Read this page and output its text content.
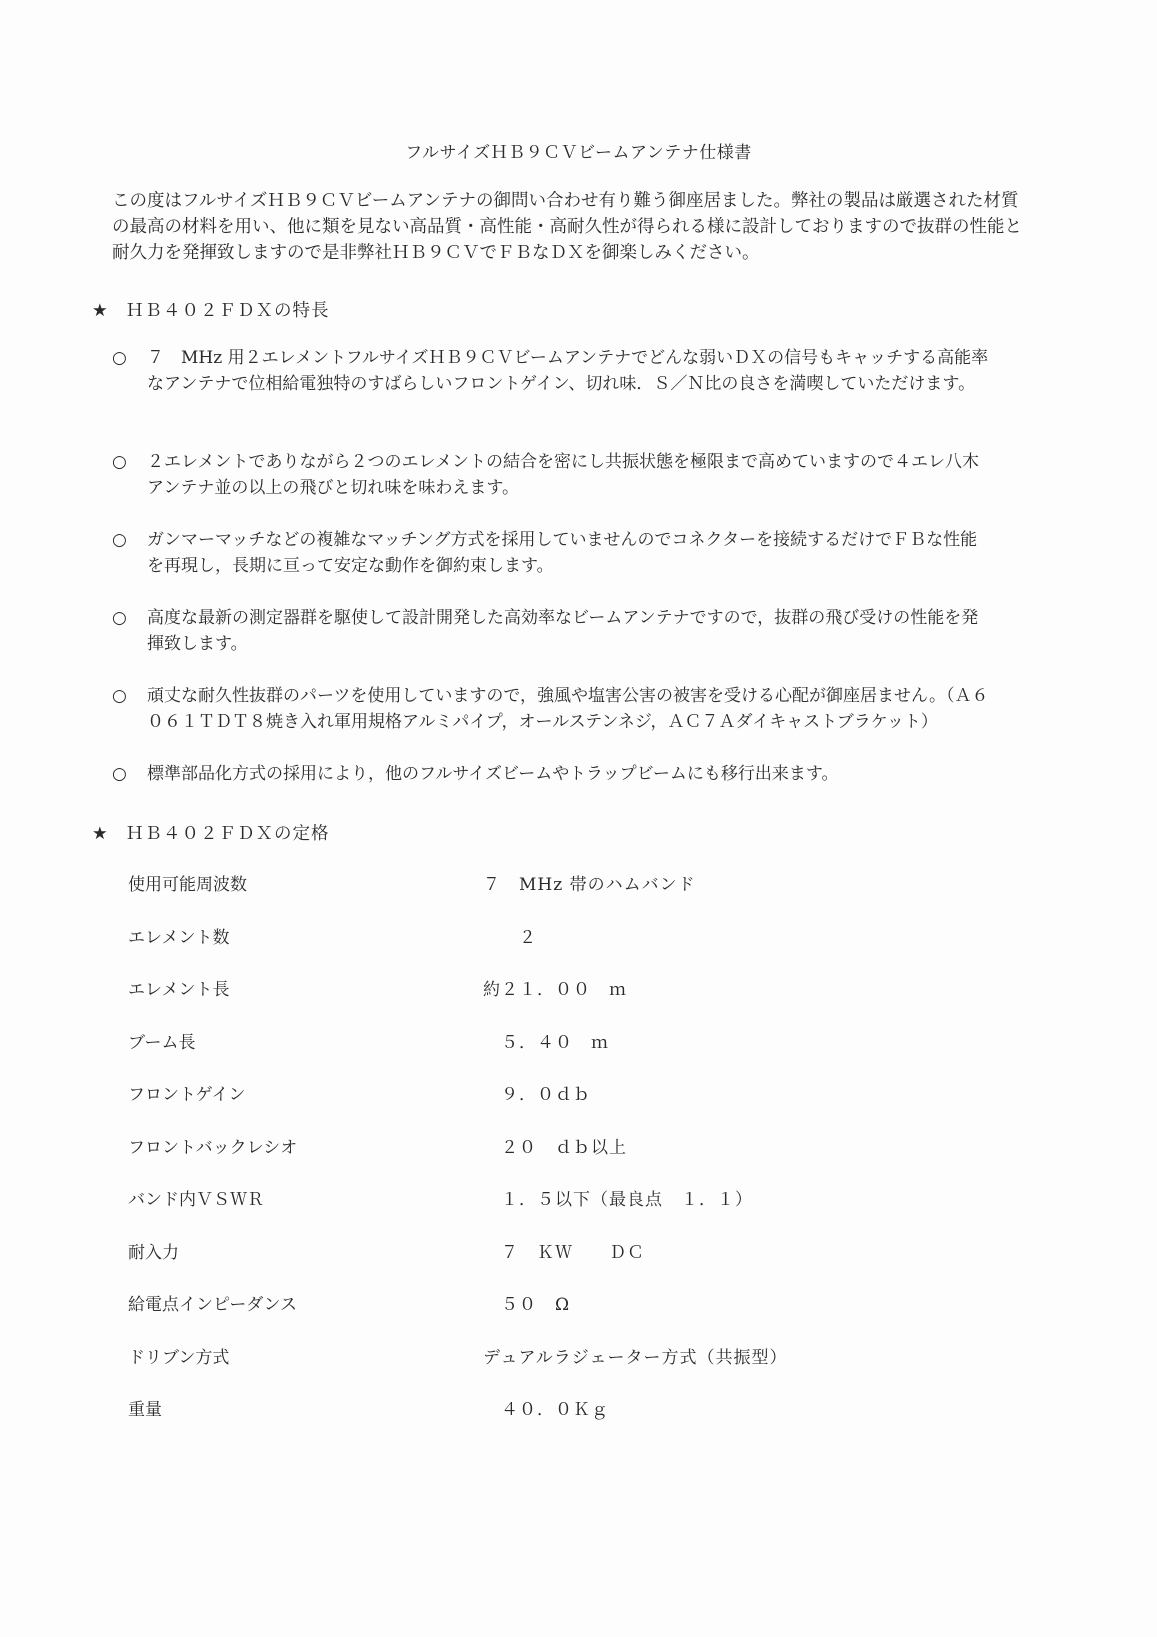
フルサイズＨＢ９ＣＶビームアンテナ仕様書
この度はフルサイズＨＢ９ＣＶビームアンテナの御問い合わせ有り難う御座居ました。弊社の製品は厳選された材質の最高の材料を用い、他に類を見ない高品質・高性能・高耐久性が得られる様に設計しておりますので抜群の性能と耐久力を発揮致しますので是非弊社ＨＢ９ＣＶでＦＢなＤＸを御楽しみください。
★ ＨＢ４０２ＦＤＸの特長
○ ７　MHz 用２エレメントフルサイズＨＢ９ＣＶビームアンテナでどんな弱いＤＸの信号もキャッチする高能率なアンテナで位相給電独特のすばらしいフロントゲイン、切れ味．Ｓ／Ｎ比の良さを満喫していただけます。
○ ２エレメントでありながら２つのエレメントの結合を密にし共振状態を極限まで高めていますので４エレ八木アンテナ並の以上の飛びと切れ味を味わえます。
○ ガンマーマッチなどの複雑なマッチング方式を採用していませんのでコネクターを接続するだけでＦＢな性能を再現し，長期に亘って安定な動作を御約束します。
○ 高度な最新の測定器群を駆使して設計開発した高効率なビームアンテナですので，抜群の飛び受けの性能を発揮致します。
○ 頑丈な耐久性抜群のパーツを使用していますので，強風や塩害公害の被害を受ける心配が御座居ません。（Ａ６０６１ＴＤＴ８焼き入れ軍用規格アルミパイプ，オールステンネジ，ＡＣ７Ａダイキャストブラケット）
○ 標準部品化方式の採用により，他のフルサイズビームやトラップビームにも移行出来ます。
★ ＨＢ４０２ＦＤＸの定格
使用可能周波数	７　MHz 帯のハムバンド
エレメント数	　　２
エレメント長	約２１．００　ｍ
ブーム長	　５．４０　ｍ
フロントゲイン	　９．０ｄｂ
フロントバックレシオ	　２０　ｄｂ以上
バンド内ＶＳＷＲ	　１．５以下（最良点　１．１）
耐入力	　７　ＫＷ　　ＤＣ
給電点インピーダンス	　５０　Ω
ドリブン方式	デュアルラジェーター方式（共振型）
重量	　４０．０Ｋｇ
